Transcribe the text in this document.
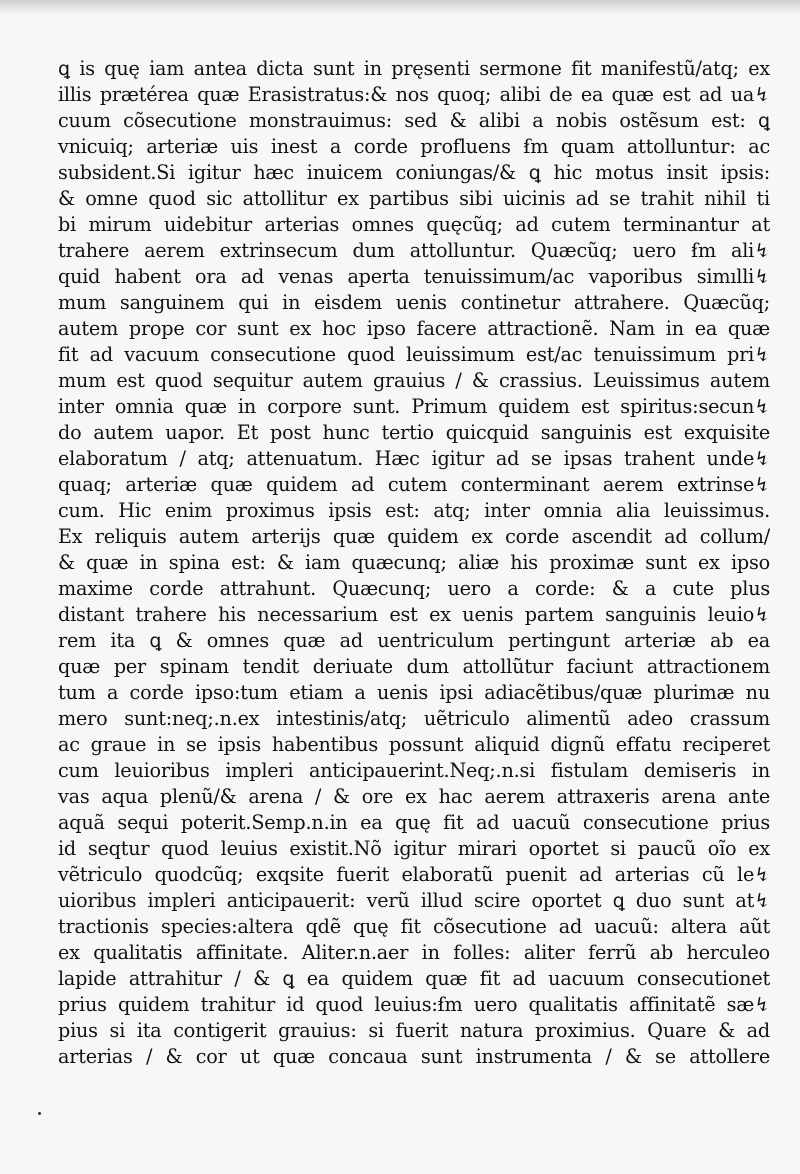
ꝗ is quę iam antea dicta sunt in pręsenti sermone fit manifestũ/atq; ex
illis prætérea quæ Erasistratus:& nos quoq; alibi de ea quæ est ad ua↯
cuum cõsecutione monstrauimus: sed & alibi a nobis ostẽsum est: ꝗ
vnicuiq; arteriæ uis inest a corde profluens ẜm quam attolluntur: ac
subsident.Si igitur hæc inuicem coniungas/& ꝗ hic motus insit ipsis:
& omne quod sic attollitur ex partibus sibi uicinis ad se trahit nihil ti
bi mirum uidebitur arterias omnes quęcũq; ad cutem terminantur at
trahere aerem extrinsecum dum attolluntur. Quæcũq; uero ẜm ali↯
quid habent ora ad venas aperta tenuissimum/ac vaporibus simılli↯
mum sanguinem qui in eisdem uenis continetur attrahere. Quæcũq;
autem prope cor sunt ex hoc ipso facere attractionẽ. Nam in ea quæ
fit ad vacuum consecutione quod leuissimum est/ac tenuissimum pri↯
mum est quod sequitur autem grauius / & crassius. Leuissimus autem
inter omnia quæ in corpore sunt. Primum quidem est spiritus:secun↯
do autem uapor. Et post hunc tertio quicquid sanguinis est exquisite
elaboratum / atq; attenuatum. Hæc igitur ad se ipsas trahent unde↯
quaq; arteriæ quæ quidem ad cutem conterminant aerem extrinse↯
cum. Hic enim proximus ipsis est: atq; inter omnia alia leuissimus.
Ex reliquis autem arterijs quæ quidem ex corde ascendit ad collum/
& quæ in spina est: & iam quæcunq; aliæ his proximæ sunt ex ipso
maxime corde attrahunt. Quæcunq; uero a corde: & a cute plus
distant trahere his necessarium est ex uenis partem sanguinis leuio↯
rem ita ꝗ & omnes quæ ad uentriculum pertingunt arteriæ ab ea
quæ per spinam tendit deriuate dum attollũtur faciunt attractionem
tum a corde ipso:tum etiam a uenis ipsi adiacẽtibus/quæ plurimæ nu
mero sunt:neq;.n.ex intestinis/atq; uẽtriculo alimentũ adeo crassum
ac graue in se ipsis habentibus possunt aliquid dignũ effatu reciperet
cum leuioribus impleri anticipauerint.Neq;.n.si fistulam demiseris in
vas aqua plenũ/& arena / & ore ex hac aerem attraxeris arena ante
aquã sequi poterit.Semp.n.in ea quę fit ad uacuũ consecutione prius
id seqtur quod leuius existit.Nõ igitur mirari oportet si paucũ oĩo ex
vẽtriculo quodcũq; exqsite fuerit elaboratũ puenit ad arterias cũ le↯
uioribus impleri anticipauerit: verũ illud scire oportet ꝗ duo sunt at↯
tractionis species:altera qdẽ quę fit cõsecutione ad uacuũ: altera aũt
ex qualitatis affinitate. Aliter.n.aer in folles: aliter ferrũ ab herculeo
lapide attrahitur / & ꝗ ea quidem quæ fit ad uacuum consecutionet
prius quidem trahitur id quod leuius:ẜm uero qualitatis affinitatẽ sæ↯
pius si ita contigerit grauius: si fuerit natura proximius. Quare & ad
arterias / & cor ut quæ concaua sunt instrumenta / & se attollere
